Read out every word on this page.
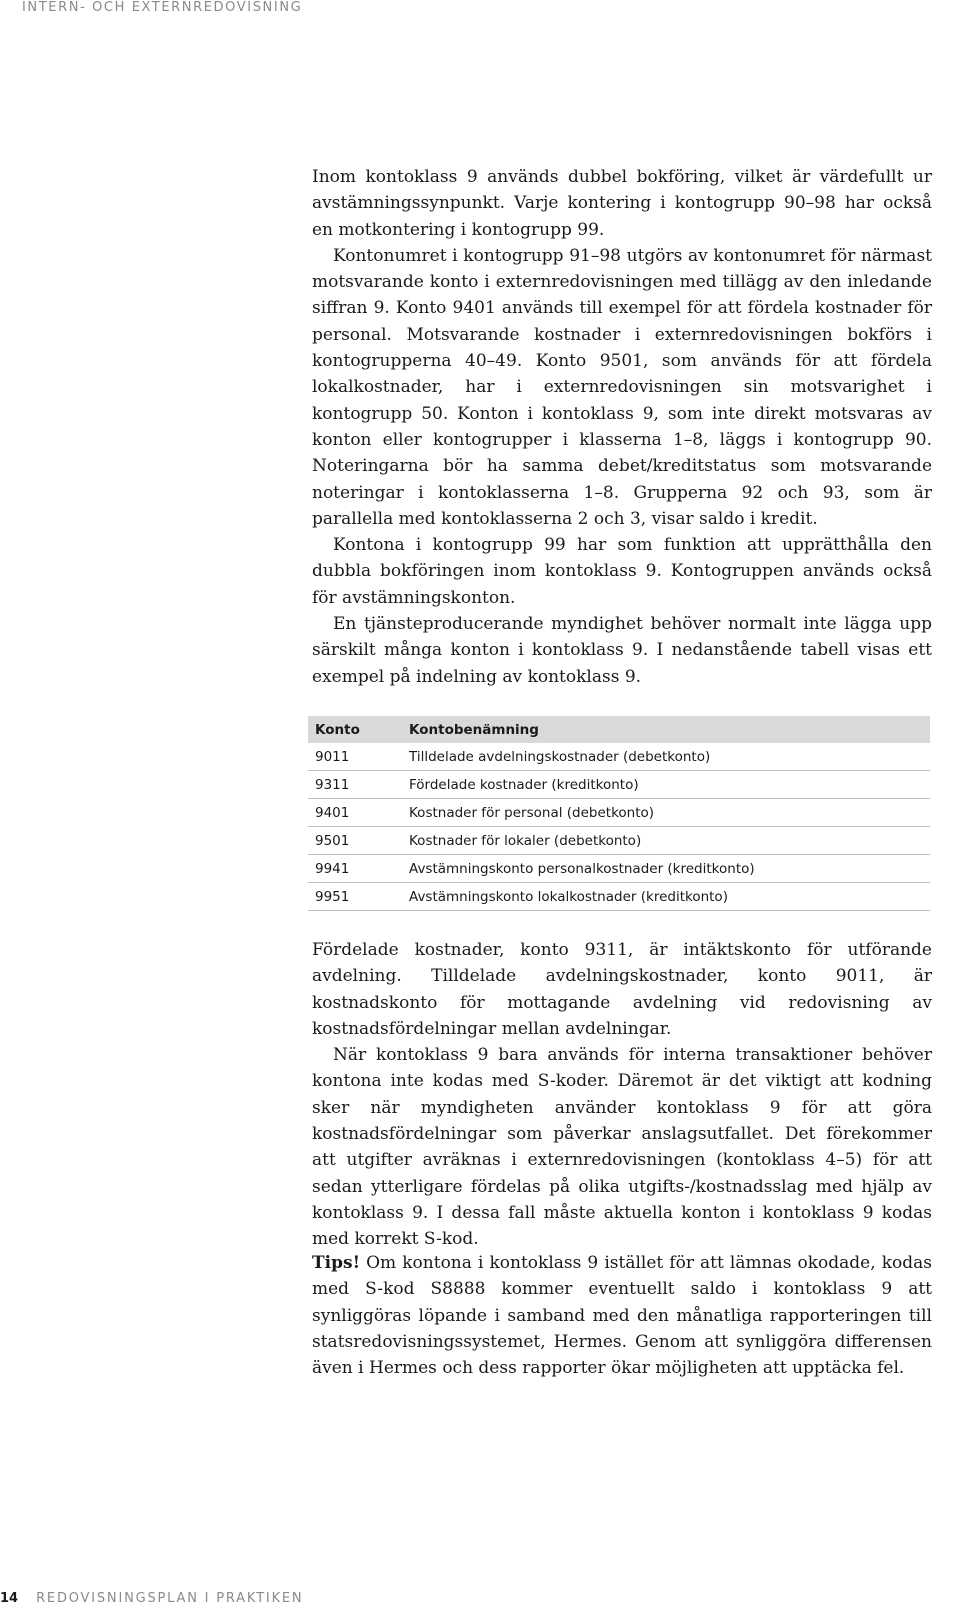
INTERN- OCH EXTERNREDOVISNING

Inom kontoklass 9 används dubbel bokföring, vilket är värdefullt ur avstämningssynpunkt. Varje kontering i kontogrupp 90–98 har också en motkontering i kontogrupp 99.

Kontonumret i kontogrupp 91–98 utgörs av kontonumret för närmast motsvarande konto i externredovisningen med tillägg av den inledande siffran 9. Konto 9401 används till exempel för att fördela kostnader för personal. Motsvarande kostnader i externredovisningen bokförs i kontogrupperna 40–49. Konto 9501, som används för att fördela lokalkostnader, har i externredovisningen sin motsvarighet i kontogrupp 50. Konton i kontoklass 9, som inte direkt motsvaras av konton eller kontogrupper i klasserna 1–8, läggs i kontogrupp 90. Noteringarna bör ha samma debet/kreditstatus som motsvarande noteringar i kontoklasserna 1–8. Grupperna 92 och 93, som är parallella med kontoklasserna 2 och 3, visar saldo i kredit.

Kontona i kontogrupp 99 har som funktion att upprätthålla den dubbla bokföringen inom kontoklass 9. Kontogruppen används också för avstämningskonton.

En tjänsteproducerande myndighet behöver normalt inte lägga upp särskilt många konton i kontoklass 9. I nedanstående tabell visas ett exempel på indelning av kontoklass 9.

Konto	Kontobenämning
9011	Tilldelade avdelningskostnader (debetkonto)
9311	Fördelade kostnader (kreditkonto)
9401	Kostnader för personal (debetkonto)
9501	Kostnader för lokaler (debetkonto)
9941	Avstämningskonto personalkostnader (kreditkonto)
9951	Avstämningskonto lokalkostnader (kreditkonto)

Fördelade kostnader, konto 9311, är intäktskonto för utförande avdelning. Tilldelade avdelningskostnader, konto 9011, är kostnadskonto för mottagande avdelning vid redovisning av kostnadsfördelningar mellan avdelningar.

När kontoklass 9 bara används för interna transaktioner behöver kontona inte kodas med S-koder. Däremot är det viktigt att kodning sker när myndigheten använder kontoklass 9 för att göra kostnadsfördelningar som påverkar anslagsutfallet. Det förekommer att utgifter avräknas i externredovisningen (kontoklass 4–5) för att sedan ytterligare fördelas på olika utgifts-/kostnadsslag med hjälp av kontoklass 9. I dessa fall måste aktuella konton i kontoklass 9 kodas med korrekt S-kod.

Tips! Om kontona i kontoklass 9 istället för att lämnas okodade, kodas med S-kod S8888 kommer eventuellt saldo i kontoklass 9 att synliggöras löpande i samband med den månatliga rapporteringen till statsredovisningssystemet, Hermes. Genom att synliggöra differensen även i Hermes och dess rapporter ökar möjligheten att upptäcka fel.

14 REDOVISNINGSPLAN I PRAKTIKEN
